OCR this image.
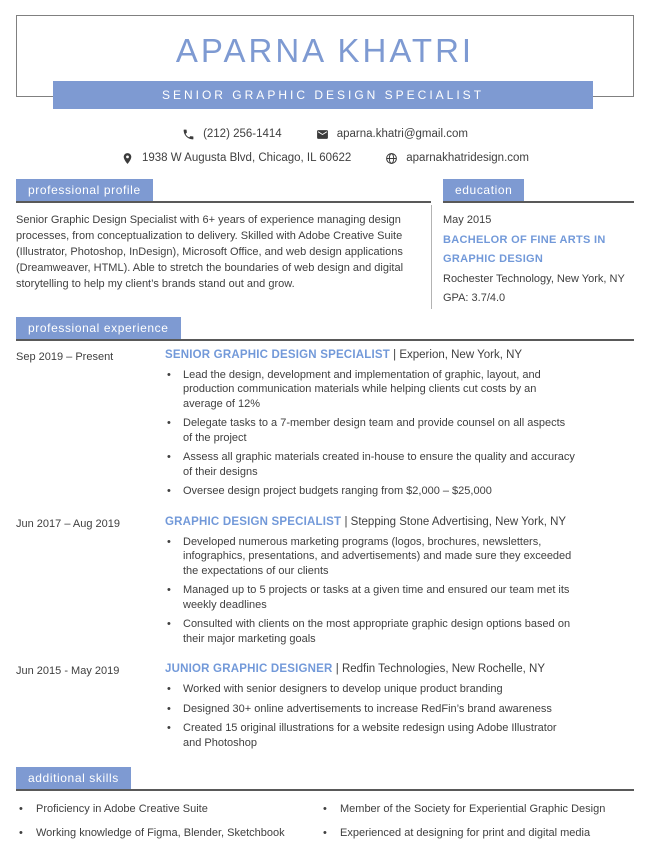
APARNA KHATRI
SENIOR GRAPHIC DESIGN SPECIALIST
(212) 256-1414	aparna.khatri@gmail.com
1938 W Augusta Blvd, Chicago, IL 60622	aparnakhatridesign.com
professional profile

Senior Graphic Design Specialist with 6+ years of experience managing design processes, from conceptualization to delivery. Skilled with Adobe Creative Suite (Illustrator, Photoshop, InDesign), Microsoft Office, and web design applications (Dreamweaver, HTML). Able to stretch the boundaries of web design and digital storytelling to help my client’s brands stand out and grow.

education
May 2015
BACHELOR OF FINE ARTS IN GRAPHIC DESIGN
Rochester Technology, New York, NY
GPA: 3.7/4.0
professional experience
Sep 2019 – Present	SENIOR GRAPHIC DESIGN SPECIALIST | Experion, New York, NY
• Lead the design, development and implementation of graphic, layout, and production communication materials while helping clients cut costs by an average of 12%
• Delegate tasks to a 7-member design team and provide counsel on all aspects of the project
• Assess all graphic materials created in-house to ensure the quality and accuracy of their designs
• Oversee design project budgets ranging from $2,000 – $25,000
Jun 2017 – Aug 2019	GRAPHIC DESIGN SPECIALIST | Stepping Stone Advertising, New York, NY
• Developed numerous marketing programs (logos, brochures, newsletters, infographics, presentations, and advertisements) and made sure they exceeded the expectations of our clients
• Managed up to 5 projects or tasks at a given time and ensured our team met its weekly deadlines
• Consulted with clients on the most appropriate graphic design options based on their major marketing goals
Jun 2015 - May 2019	JUNIOR GRAPHIC DESIGNER | Redfin Technologies, New Rochelle, NY
• Worked with senior designers to develop unique product branding
• Designed 30+ online advertisements to increase RedFin’s brand awareness
• Created 15 original illustrations for a website redesign using Adobe Illustrator and Photoshop
additional skills
• Proficiency in Adobe Creative Suite
• Working knowledge of Figma, Blender, Sketchbook
• Member of the Society for Experiential Graphic Design
• Experienced at designing for print and digital media
